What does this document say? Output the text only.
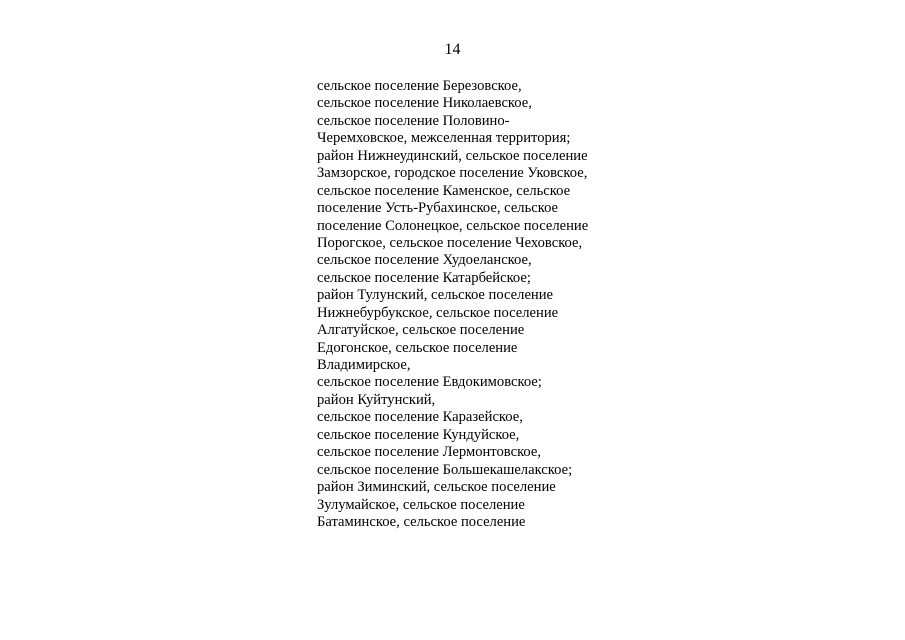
14
сельское поселение Березовское,
сельское поселение Николаевское,
сельское поселение Половино-
Черемховское, межселенная территория;
район Нижнеудинский, сельское поселение
Замзорское, городское поселение Уковское,
сельское поселение Каменское, сельское
поселение Усть-Рубахинское, сельское
поселение Солонецкое, сельское поселение
Порогское, сельское поселение Чеховское,
сельское поселение Худоеланское,
сельское поселение Катарбейское;
район Тулунский, сельское поселение
Нижнебурбукское, сельское поселение
Алгатуйское, сельское поселение
Едогонское, сельское поселение
Владимирское,
сельское поселение Евдокимовское;
район Куйтунский,
сельское поселение Каразейское,
сельское поселение Кундуйское,
сельское поселение Лермонтовское,
сельское поселение Большекашелакское;
район Зиминский, сельское поселение
Зулумайское, сельское поселение
Батаминское, сельское поселение
